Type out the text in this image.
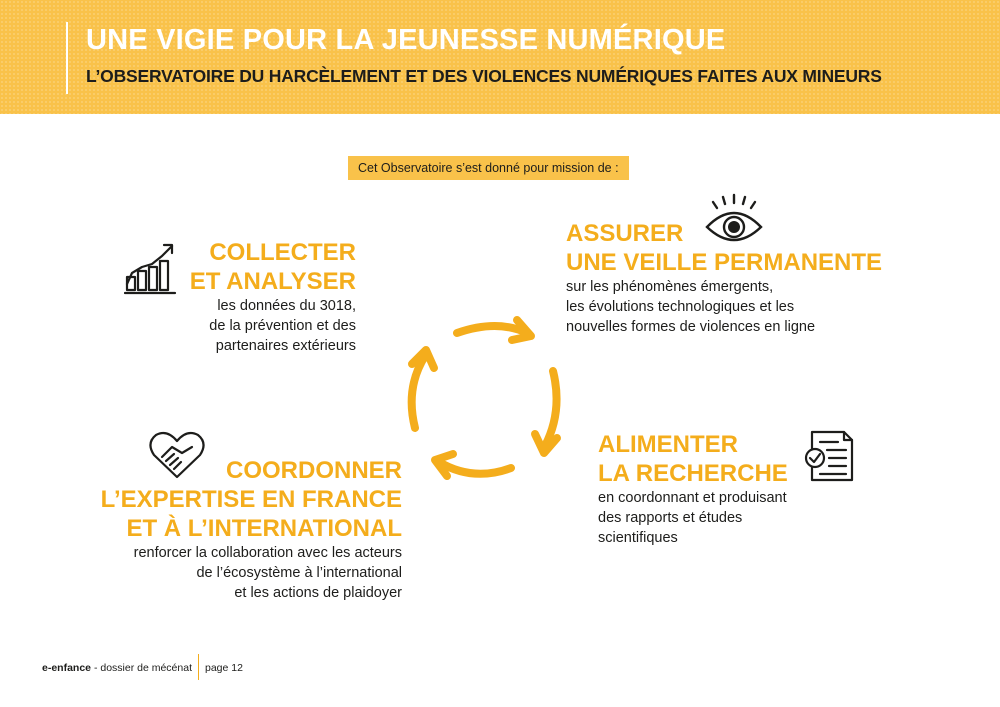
UNE VIGIE POUR LA JEUNESSE NUMÉRIQUE
L’OBSERVATOIRE DU HARCÈLEMENT ET DES VIOLENCES NUMÉRIQUES FAITES AUX MINEURS
Cet Observatoire s’est donné pour mission de :
COLLECTER
ET ANALYSER
les données du 3018,
de la prévention et des
partenaires extérieurs
ASSURER
UNE VEILLE PERMANENTE
sur les phénomènes émergents,
les évolutions technologiques et les
nouvelles formes de violences en ligne
ALIMENTER
LA RECHERCHE
en coordonnant et produisant
des rapports et études
scientifiques
COORDONNER
L’EXPERTISE EN FRANCE
ET À L’INTERNATIONAL
renforcer la collaboration avec les acteurs
de l’écosystème à l’international
et les actions de plaidoyer
e-enfance - dossier de mécénat page 12
